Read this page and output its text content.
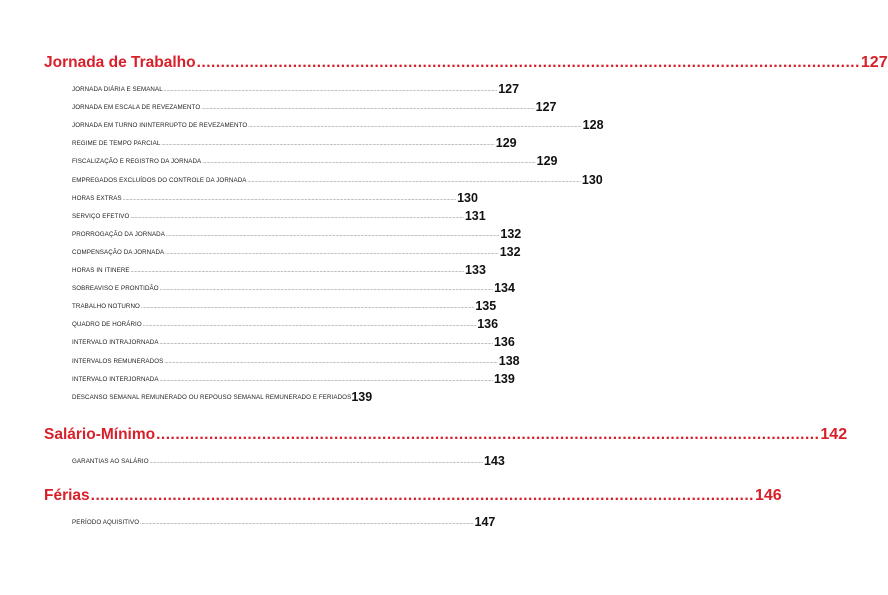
Jornada de Trabalho .....	127
JORNADA DIÁRIA E SEMANAL .....	127
JORNADA EM ESCALA DE REVEZAMENTO .....	127
JORNADA EM TURNO ININTERRUPTO DE REVEZAMENTO .....	128
REGIME DE TEMPO PARCIAL .....	129
FISCALIZAÇÃO E REGISTRO DA JORNADA .....	129
EMPREGADOS EXCLUÍDOS DO CONTROLE DA JORNADA .....	130
HORAS EXTRAS .....	130
SERVIÇO EFETIVO .....	131
PRORROGAÇÃO DA JORNADA .....	132
COMPENSAÇÃO DA JORNADA .....	132
HORAS IN ITINERE .....	133
SOBREAVISO E PRONTIDÃO .....	134
TRABALHO NOTURNO .....	135
QUADRO DE HORÁRIO .....	136
INTERVALO INTRAJORNADA .....	136
INTERVALOS REMUNERADOS .....	138
INTERVALO INTERJORNADA .....	139
DESCANSO SEMANAL REMUNERADO OU REPOUSO SEMANAL REMUNERADO E FERIADOS 139
Salário-Mínimo .....	142
GARANTIAS AO SALÁRIO .....	143
Férias .....	146
PERÍODO AQUISITIVO .....	147
